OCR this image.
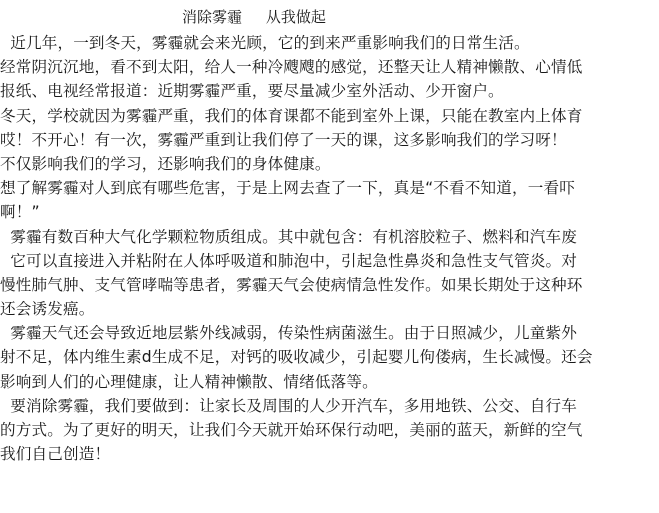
消除雾霾     从我做起
近几年，一到冬天，雾霾就会来光顾，它的到来严重影响我们的日常生活。
经常阴沉沉地，看不到太阳，给人一种冷飕飕的感觉，还整天让人精神懒散、心情低
报纸、电视经常报道：近期雾霾严重，要尽量减少室外活动、少开窗户。
冬天，学校就因为雾霾严重，我们的体育课都不能到室外上课，只能在教室内上体育
哎！不开心！有一次，雾霾严重到让我们停了一天的课，这多影响我们的学习呀！
不仅影响我们的学习，还影响我们的身体健康。
想了解雾霾对人到底有哪些危害，于是上网去查了一下，真是“不看不知道，一看吓
啊！”
雾霾有数百种大气化学颗粒物质组成。其中就包含：有机溶胶粒子、燃料和汽车废
它可以直接进入并粘附在人体呼吸道和肺泡中，引起急性鼻炎和急性支气管炎。对
慢性肺气肿、支气管哮喘等患者，雾霾天气会使病情急性发作。如果长期处于这种环
还会诱发癌。
雾霾天气还会导致近地层紫外线减弱，传染性病菌滋生。由于日照减少，儿童紫外
射不足，体内维生素d生成不足，对钙的吸收减少，引起婴儿佝偻病，生长减慢。还会
影响到人们的心理健康，让人精神懒散、情绪低落等。
要消除雾霾，我们要做到：让家长及周围的人少开汽车，多用地铁、公交、自行车
的方式。为了更好的明天，让我们今天就开始环保行动吧，美丽的蓝天，新鲜的空气
我们自己创造！
